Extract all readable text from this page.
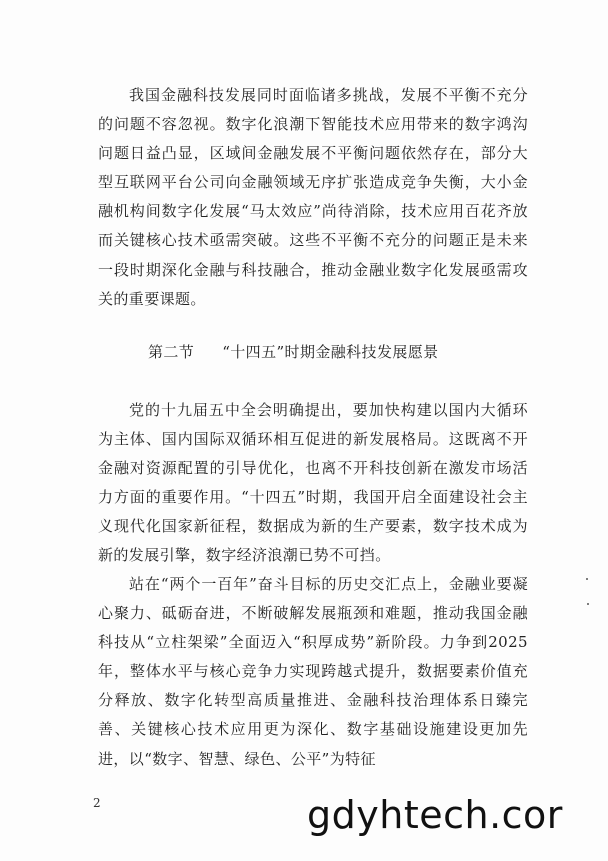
我国金融科技发展同时面临诸多挑战，发展不平衡不充分的问题不容忽视。数字化浪潮下智能技术应用带来的数字鸿沟问题日益凸显，区域间金融发展不平衡问题依然存在，部分大型互联网平台公司向金融领域无序扩张造成竞争失衡，大小金融机构间数字化发展“马太效应”尚待消除，技术应用百花齐放而关键核心技术亟需突破。这些不平衡不充分的问题正是未来一段时期深化金融与科技融合，推动金融业数字化发展亟需攻关的重要课题。

第二节 “十四五”时期金融科技发展愿景

党的十九届五中全会明确提出，要加快构建以国内大循环为主体、国内国际双循环相互促进的新发展格局。这既离不开金融对资源配置的引导优化，也离不开科技创新在激发市场活力方面的重要作用。“十四五”时期，我国开启全面建设社会主义现代化国家新征程，数据成为新的生产要素，数字技术成为新的发展引擎，数字经济浪潮已势不可挡。

站在“两个一百年”奋斗目标的历史交汇点上，金融业要凝心聚力、砥砺奋进，不断破解发展瓶颈和难题，推动我国金融科技从“立柱架梁”全面迈入“积厚成势”新阶段。力争到2025年，整体水平与核心竞争力实现跨越式提升，数据要素价值充分释放、数字化转型高质量推进、金融科技治理体系日臻完善、关键核心技术应用更为深化、数字基础设施建设更加先进，以“数字、智慧、绿色、公平”为特征

2	gdyhtech.cor
